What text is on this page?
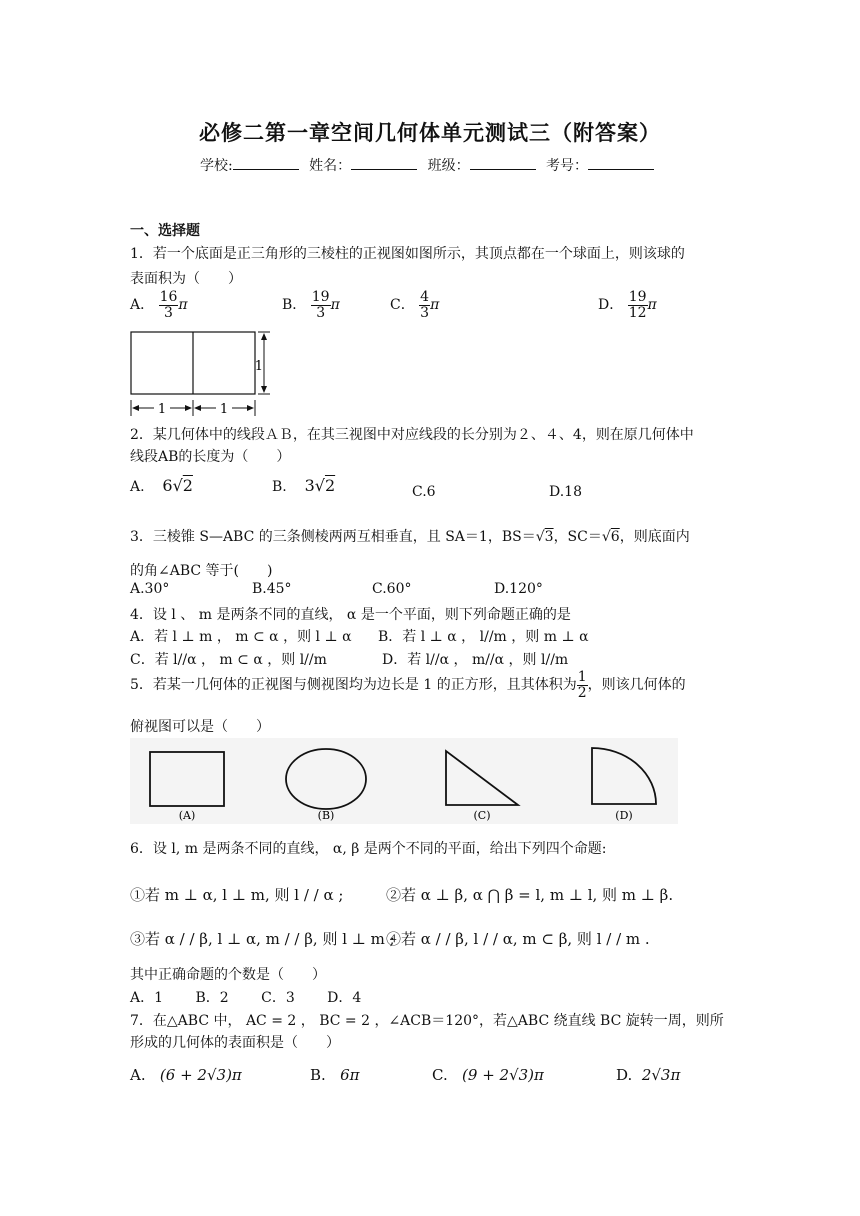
必修二第一章空间几何体单元测试三（附答案）
学校:	姓名：	班级：	考号：
一、选择题
1．若一个底面是正三角形的三棱柱的正视图如图所示，其顶点都在一个球面上，则该球的
表面积为（　　）
A． $\frac{16}{3}$ π	B． $\frac{19}{3}$ π	C． $\frac{4}{3}$ π	D． $\frac{19}{12}$ π
1
1	1
2．某几何体中的线段ＡＢ，在其三视图中对应线段的长分别为２、４、4，则在原几何体中
线段AB的长度为（　　）
A. 6√2	B. 3√2	C.6	D.18
3．三棱锥 S—ABC 的三条侧棱两两互相垂直，且 SA＝1，BS＝√3，SC＝√6，则底面内
的角∠ABC 等于(　　)
A.30°	B.45°	C.60°	D.120°
4．设 l 、 m 是两条不同的直线， α 是一个平面，则下列命题正确的是
A．若 l ⊥ m ， m ⊂ α ，则 l ⊥ α B．若 l ⊥ α ， l//m ，则 m ⊥ α
C．若 l//α ， m ⊂ α ，则 l//m	D．若 l//α ， m//α ，则 l//m
5．若某一几何体的正视图与侧视图均为边长是 1 的正方形，且其体积为 $\frac{1}{2}$ ，则该几何体的
俯视图可以是（　　）
(A)	(B)	(C)	(D)
6．设 l, m 是两条不同的直线， α, β 是两个不同的平面，给出下列四个命题:
①若 m ⊥ α, l ⊥ m, 则 l / / α ;	②若 α ⊥ β, α ⋂ β = l, m ⊥ l, 则 m ⊥ β.
③若 α / / β, l ⊥ α, m / / β, 则 l ⊥ m ;
④若 α / / β, l / / α, m ⊂ β, 则 l / / m .
其中正确命题的个数是（　　）
A．1　　 B．2　　 C．3　　 D．4
7．在△ABC 中， AC = 2 ， BC = 2 ，∠ACB＝120°，若△ABC 绕直线 BC 旋转一周，则所
形成的几何体的表面积是（　　）
A. (6 + 2√3)π	B. 6π	C. (9 + 2√3)π	D. 2√3π
